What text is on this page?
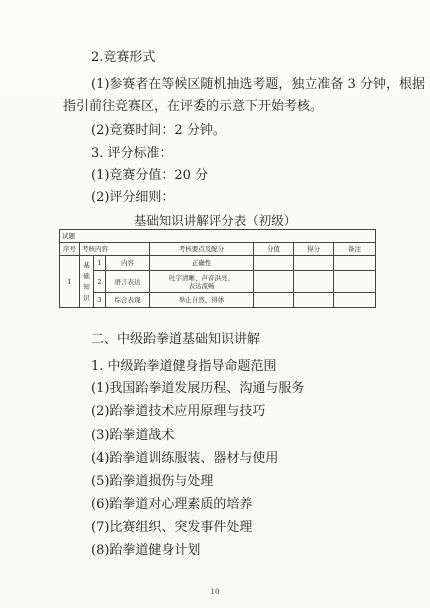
2.竞赛形式
(1)参赛者在等候区随机抽选考题，独立准备 3 分钟，根据
指引前往竞赛区，在评委的示意下开始考核。
(2)竞赛时间：2 分钟。
3. 评分标准：
(1)竞赛分值：20 分
(2)评分细则：
基础知识讲解评分表（初级）
试题							
序号	考核内容			考核要点及配分	分值	得分	备注
1	基础知识	1	内容	正确性			
		2	语言表达	吐字清晰、声音洪亮、
表达流畅			

		3	综合表现	举止自然、得体			
二、中级跆拳道基础知识讲解
1. 中级跆拳道健身指导命题范围
(1)我国跆拳道发展历程、沟通与服务
(2)跆拳道技术应用原理与技巧
(3)跆拳道战术
(4)跆拳道训练服装、器材与使用
(5)跆拳道损伤与处理
(6)跆拳道对心理素质的培养
(7)比赛组织、突发事件处理
(8)跆拳道健身计划
10
